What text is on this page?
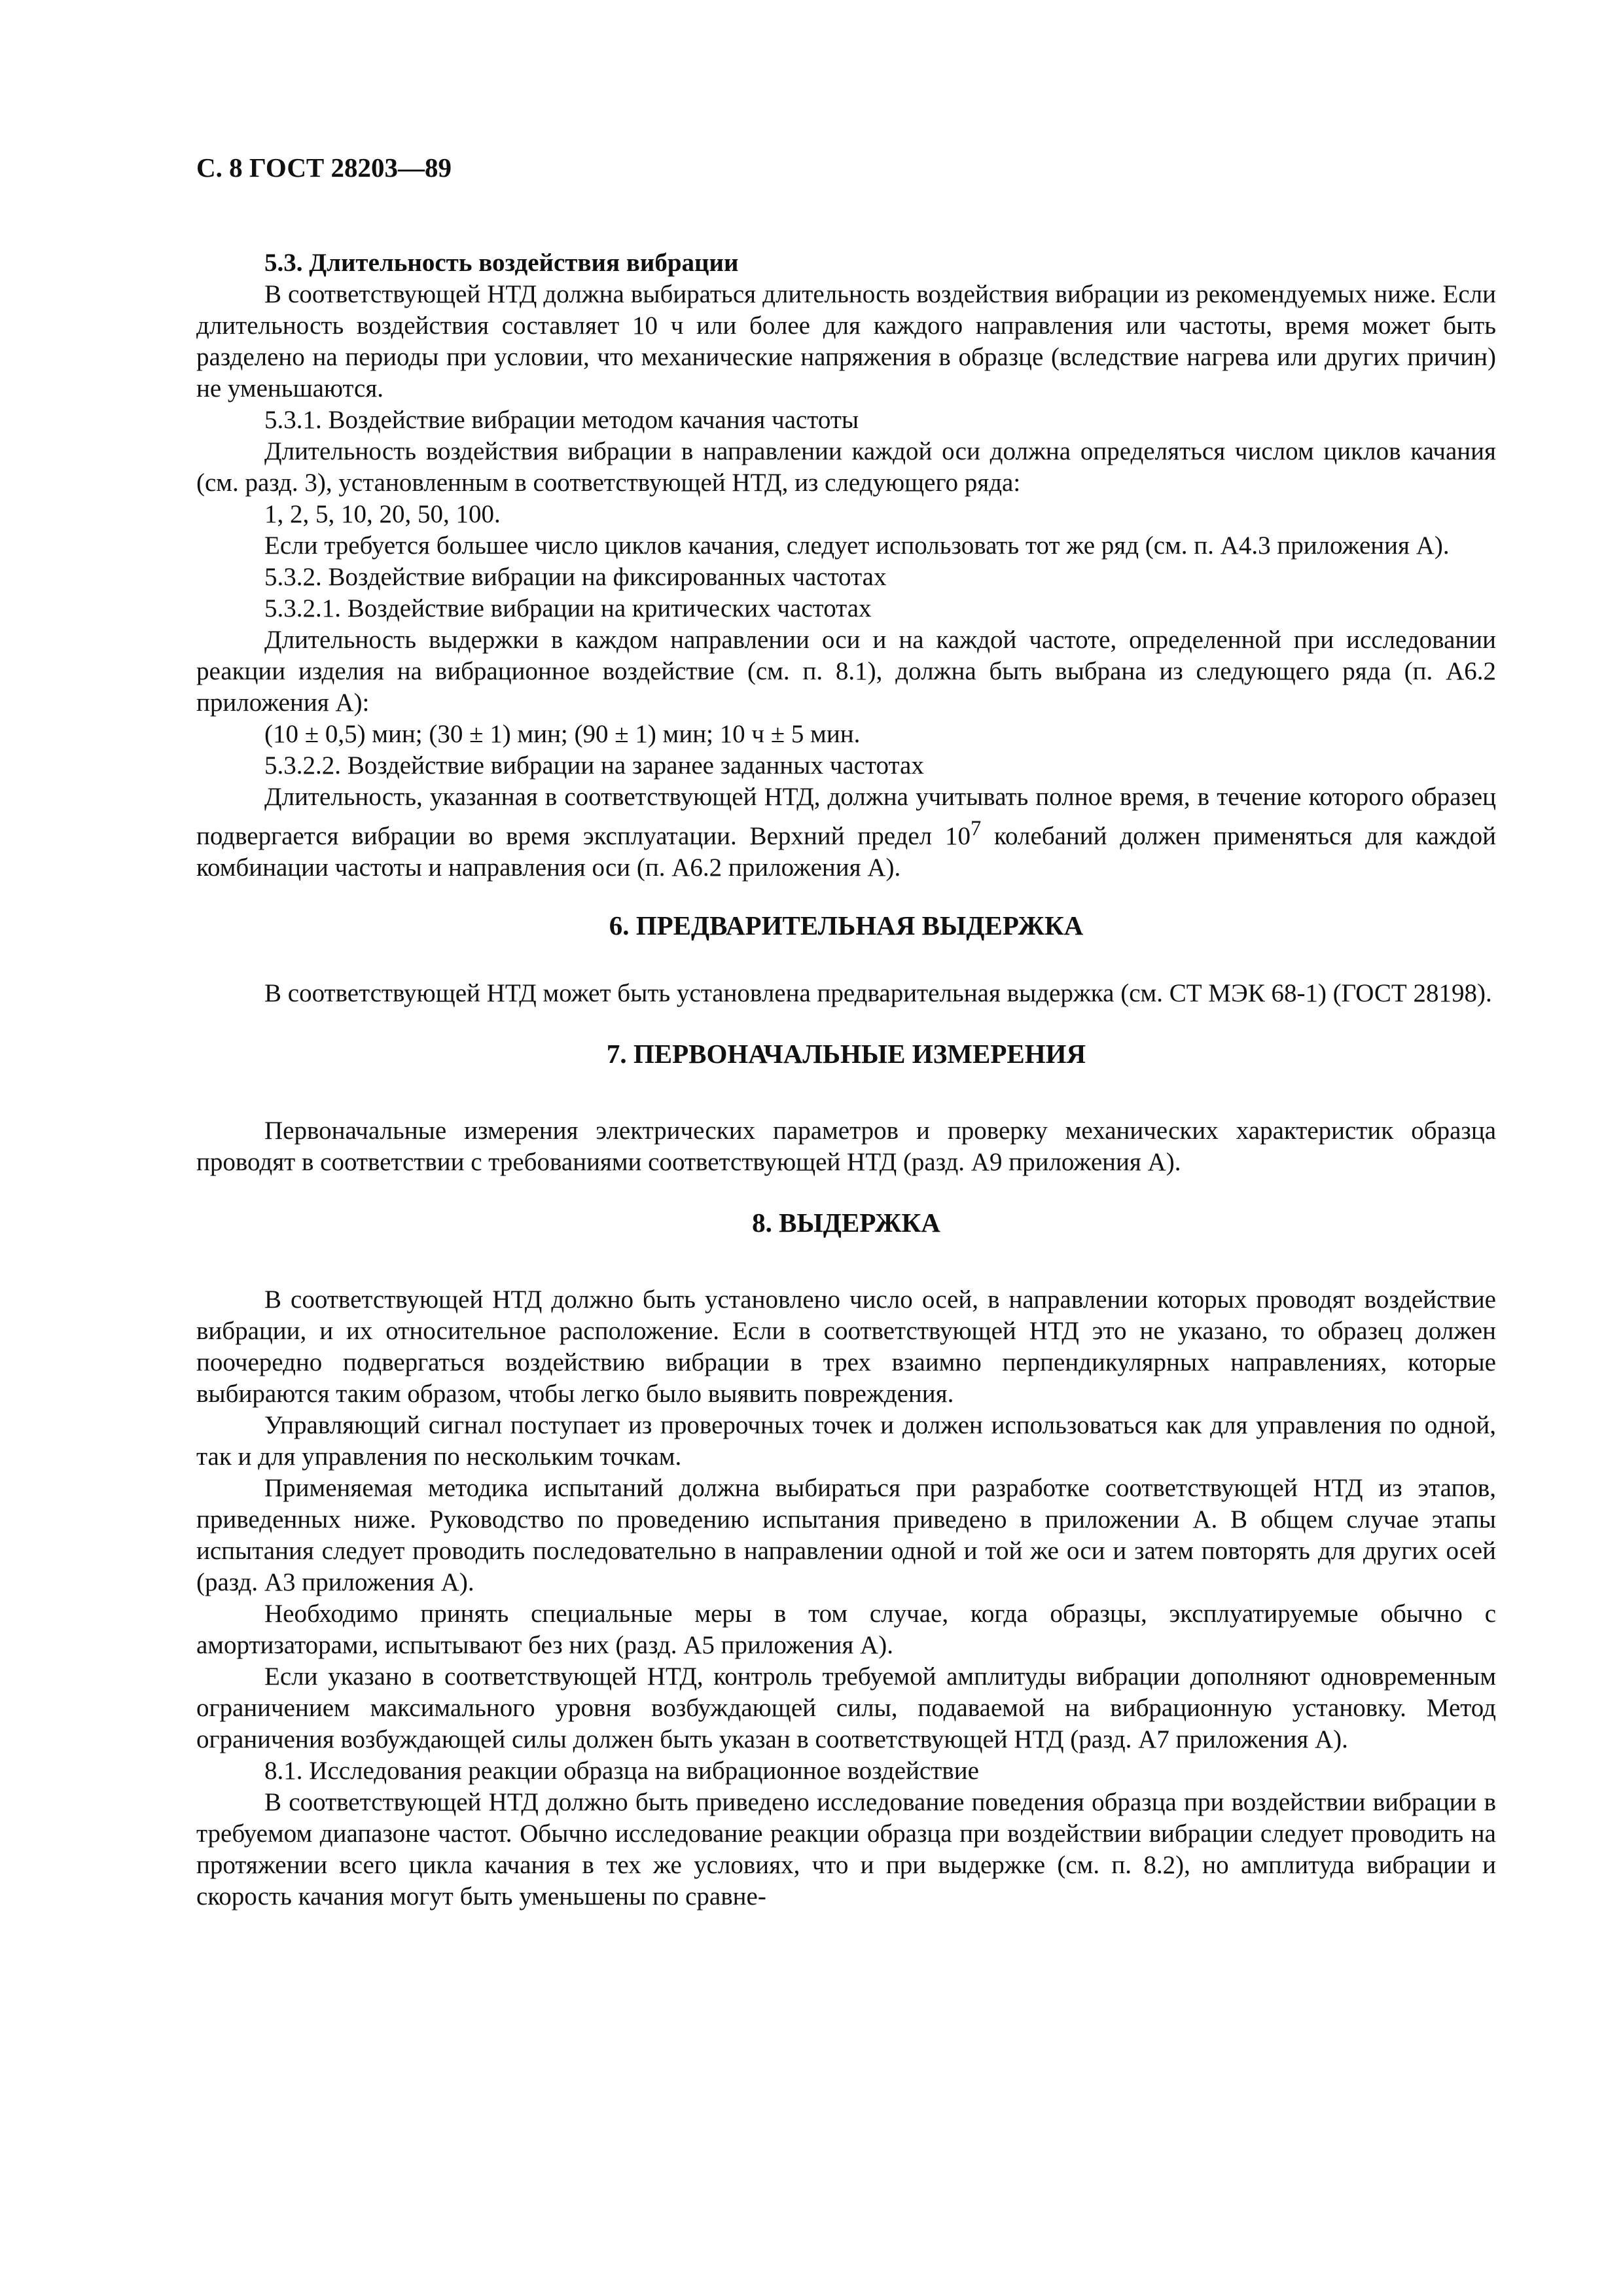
С. 8 ГОСТ 28203—89
5.3. Длительность воздействия вибрации

В соответствующей НТД должна выбираться длительность воздействия вибрации из рекомендуемых ниже. Если длительность воздействия составляет 10 ч или более для каждого направления или частоты, время может быть разделено на периоды при условии, что механические напряжения в образце (вследствие нагрева или других причин) не уменьшаются.

5.3.1. Воздействие вибрации методом качания частоты

Длительность воздействия вибрации в направлении каждой оси должна определяться числом циклов качания (см. разд. 3), установленным в соответствующей НТД, из следующего ряда:

1, 2, 5, 10, 20, 50, 100.

Если требуется большее число циклов качания, следует использовать тот же ряд (см. п. А4.3 приложения А).

5.3.2. Воздействие вибрации на фиксированных частотах

5.3.2.1. Воздействие вибрации на критических частотах

Длительность выдержки в каждом направлении оси и на каждой частоте, определенной при исследовании реакции изделия на вибрационное воздействие (см. п. 8.1), должна быть выбрана из следующего ряда (п. А6.2 приложения А):

(10 ± 0,5) мин; (30 ± 1) мин; (90 ± 1) мин; 10 ч ± 5 мин.

5.3.2.2. Воздействие вибрации на заранее заданных частотах

Длительность, указанная в соответствующей НТД, должна учитывать полное время, в течение которого образец подвергается вибрации во время эксплуатации. Верхний предел $10^7$ колебаний должен применяться для каждой комбинации частоты и направления оси (п. А6.2 приложения А).

6. ПРЕДВАРИТЕЛЬНАЯ ВЫДЕРЖКА

В соответствующей НТД может быть установлена предварительная выдержка (см. СТ МЭК 68-1) (ГОСТ 28198).

7. ПЕРВОНАЧАЛЬНЫЕ ИЗМЕРЕНИЯ

Первоначальные измерения электрических параметров и проверку механических характеристик образца проводят в соответствии с требованиями соответствующей НТД (разд. А9 приложения А).

8. ВЫДЕРЖКА

В соответствующей НТД должно быть установлено число осей, в направлении которых проводят воздействие вибрации, и их относительное расположение. Если в соответствующей НТД это не указано, то образец должен поочередно подвергаться воздействию вибрации в трех взаимно перпендикулярных направлениях, которые выбираются таким образом, чтобы легко было выявить повреждения.

Управляющий сигнал поступает из проверочных точек и должен использоваться как для управления по одной, так и для управления по нескольким точкам.

Применяемая методика испытаний должна выбираться при разработке соответствующей НТД из этапов, приведенных ниже. Руководство по проведению испытания приведено в приложении А. В общем случае этапы испытания следует проводить последовательно в направлении одной и той же оси и затем повторять для других осей (разд. А3 приложения А).

Необходимо принять специальные меры в том случае, когда образцы, эксплуатируемые обычно с амортизаторами, испытывают без них (разд. А5 приложения А).

Если указано в соответствующей НТД, контроль требуемой амплитуды вибрации дополняют одновременным ограничением максимального уровня возбуждающей силы, подаваемой на вибрационную установку. Метод ограничения возбуждающей силы должен быть указан в соответствующей НТД (разд. А7 приложения А).

8.1. Исследования реакции образца на вибрационное воздействие

В соответствующей НТД должно быть приведено исследование поведения образца при воздействии вибрации в требуемом диапазоне частот. Обычно исследование реакции образца при воздействии вибрации следует проводить на протяжении всего цикла качания в тех же условиях, что и при выдержке (см. п. 8.2), но амплитуда вибрации и скорость качания могут быть уменьшены по сравне-
